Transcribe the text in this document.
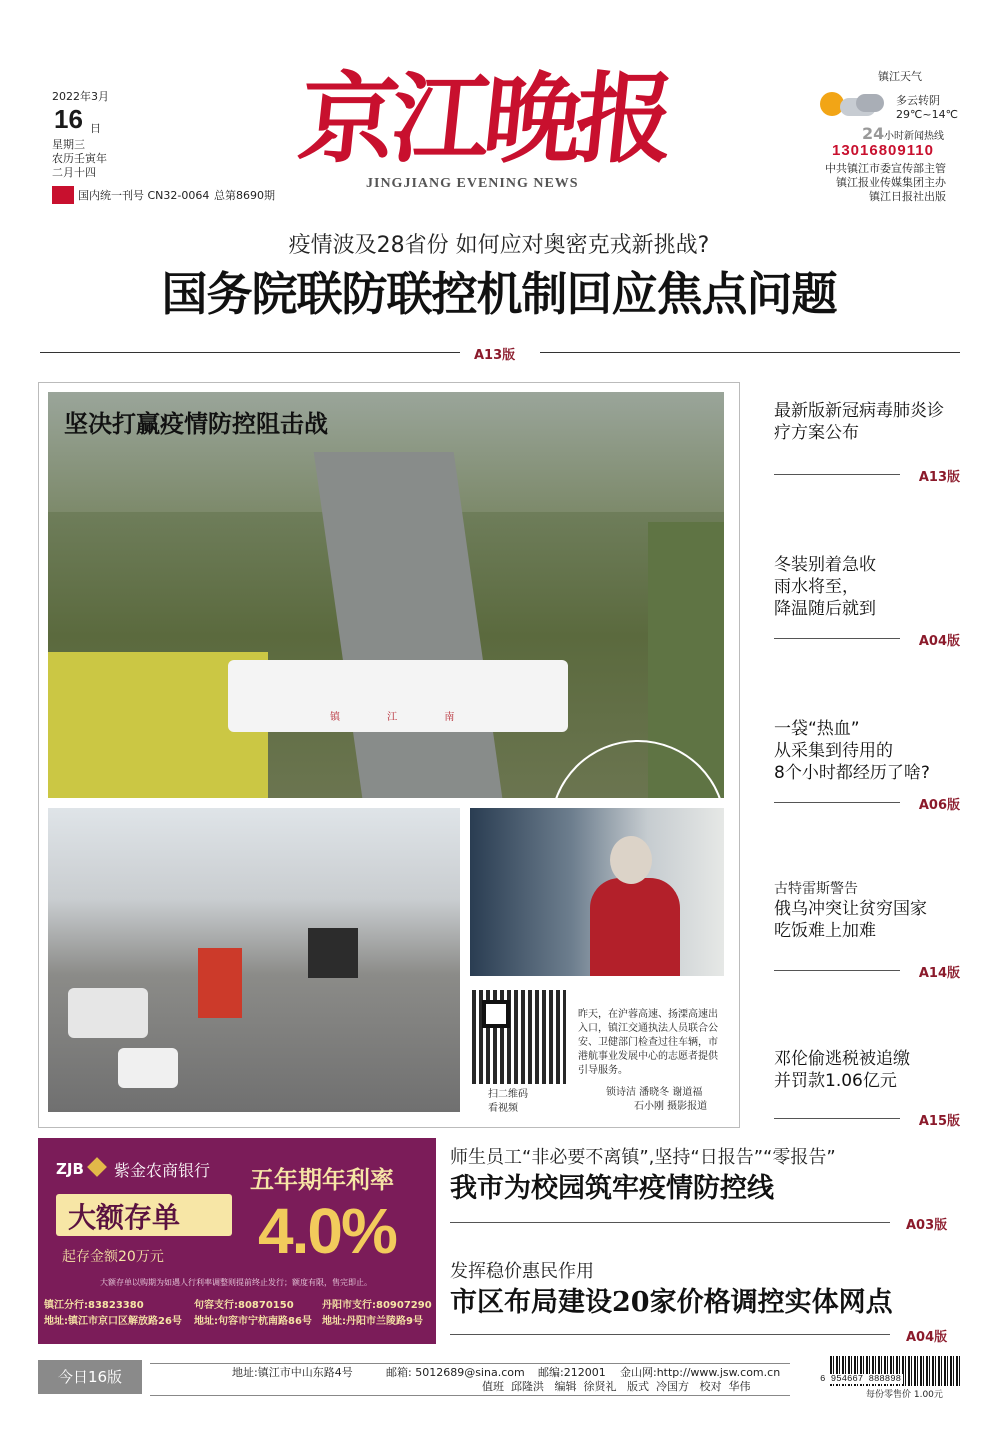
2022年3月
16 日
星期三
农历壬寅年
二月十四
国内统一刊号 CN32-0064 总第8690期
京江晚报
JINGJIANG EVENING NEWS
镇江天气
多云转阴
29℃~14℃
24 小时新闻热线
13016809110
中共镇江市委宣传部主管
镇江报业传媒集团主办
镇江日报社出版
疫情波及28省份 如何应对奥密克戎新挑战?
国务院联防联控机制回应焦点问题
A13版
坚决打赢疫情防控阻击战
镇 江 南
扫二维码
看视频
昨天，在沪蓉高速、扬溧高速出入口，镇江交通执法人员联合公安、卫健部门检查过往车辆，市港航事业发展中心的志愿者提供引导服务。
锁诗洁 潘晓冬 谢道福
石小刚 摄影报道
最新版新冠病毒肺炎诊疗方案公布
A13版
冬装别着急收
雨水将至，
降温随后就到
A04版
一袋“热血”
从采集到待用的
8个小时都经历了啥?
A06版
古特雷斯警告
俄乌冲突让贫穷国家
吃饭难上加难
A14版
邓伦偷逃税被追缴
并罚款1.06亿元
A15版
ZJB 紫金农商银行
大额存单
起存金额20万元
五年期年利率
4.0%
大额存单以购期为如遇人行利率调整则提前终止发行；额度有限，售完即止。
镇江分行:83823380
地址:镇江市京口区解放路26号
句容支行:80870150
地址:句容市宁杭南路86号
丹阳市支行:80907290
地址:丹阳市兰陵路9号
师生员工“非必要不离镇”,坚持“日报告”“零报告”
我市为校园筑牢疫情防控线
A03版
发挥稳价惠民作用
市区布局建设20家价格调控实体网点
A04版
今日16版	地址:镇江市中山东路4号	邮箱: 5012689@sina.com 邮编:212001 金山网:http://www.jsw.com.cn
值班  邱隆洪   编辑  徐贤礼   版式  冷国方   校对  华伟
6 954667 888898
每份零售价 1.00元
